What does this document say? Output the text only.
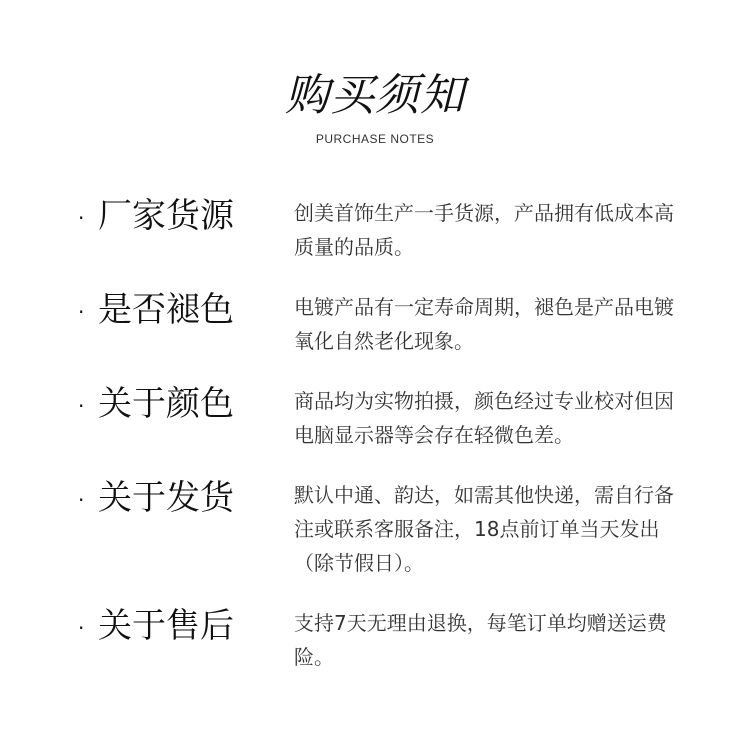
购买须知
PURCHASE NOTES
· 厂家货源	创美首饰生产一手货源，产品拥有低成本高质量的品质。
· 是否褪色	电镀产品有一定寿命周期，褪色是产品电镀氧化自然老化现象。
· 关于颜色	商品均为实物拍摄，颜色经过专业校对但因电脑显示器等会存在轻微色差。
· 关于发货	默认中通、韵达，如需其他快递，需自行备注或联系客服备注，18点前订单当天发出（除节假日）。
· 关于售后	支持7天无理由退换，每笔订单均赠送运费险。
